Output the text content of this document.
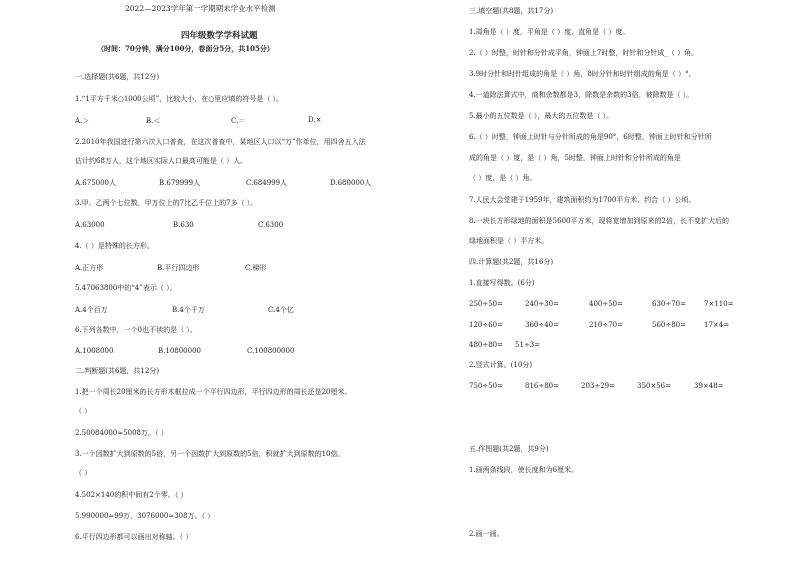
2022—2023学年第一学期期末学业水平检测
四年级数学学科试题
（时间：70分钟，满分100分，卷面分5分，共105分）
一.选择题(共6题，共12分)
1.“1平方千米○1000公顷”，比较大小，在○里应填的符号是（ ）。
A.＞	B.＜	C.＝	D.×
2.2010年我国进行第六次人口普查，在这次普查中，某地区人口以“万”作单位，用四舍五入法
估计约68万人，这个地区实际人口最高可能是（ ）人。
A.675000人	B.679999人	C.684999人	D.680000人
3.甲、乙两个七位数，甲万位上的7比乙千位上的7多（ ）。
A.63000	B.630	C.6300
4.（ ）是特殊的长方形。
A.正方形	B.平行四边形	C.梯形
5.47063800中的“4”表示（ ）。
A.4个百万	B.4个千万	C.4个亿
6.下列各数中，一个0也不读的是（ ）。
A.1008000	B.10800000	C.100800000
二.判断题(共6题，共12分)
1.把一个周长20厘米的长方形木框拉成一个平行四边形，平行四边形的周长还是20厘米。
（ ）
2.50084000≈5008万。（ ）
3.一个因数扩大到原数的5倍，另一个因数扩大到原数的5倍，积就扩大到原数的10倍。
（ ）
4.502×140的积中间有2个零。（ ）
5.990000≈99万，3076000≈308万。（ ）
6.平行四边形都可以画出对称轴。（ ）
三.填空题(共8题，共17分)
1.周角是（ ）度，平角是（ ）度，直角是（ ）度。
2.（ ）时整，时针和分针成平角，钟面上7时整，时针和分针成_（ ）角。
3.9时分针和时针组成的角是（ ）角，8时分针和时针组成的角是（ ）°。
4.一道除法算式中，商和余数都是3，除数是余数的3倍，被除数是（ ）。
5.最小的五位数是（ ），最大的五位数是（ ）。
6.（ ）时整，钟面上时针与分针所成的角是90°，6时整，钟面上时针和分针所
成的角是（ ）度，是（ ）角，5时整，钟面上时针和分针所成的角是
（ ）度，是（ ）角。
7.人民大会堂建于1959年，建筑面积约为1700平方米，约合（ ）公顷。
8.一块长方形绿地的面积是5600平方米，现将宽增加到原来的2倍，长不变扩大后的
绿地面积是（ ）平方米。
四.计算题(共2题，共16分)
1.直接写得数。(6分)
250÷50=	240÷30=	400÷50=	630÷70=	7×110=
120÷60=	360÷40=	210÷70=	560÷80=	17×4=
480÷80= 51÷3=
2.竖式计算。(10分)
750÷50=	816÷80=	203÷29=	350×56=	39×48=
五.作图题(共2题，共9分)
1.画两条线段，使长度和为6厘米。
2.画一画。
